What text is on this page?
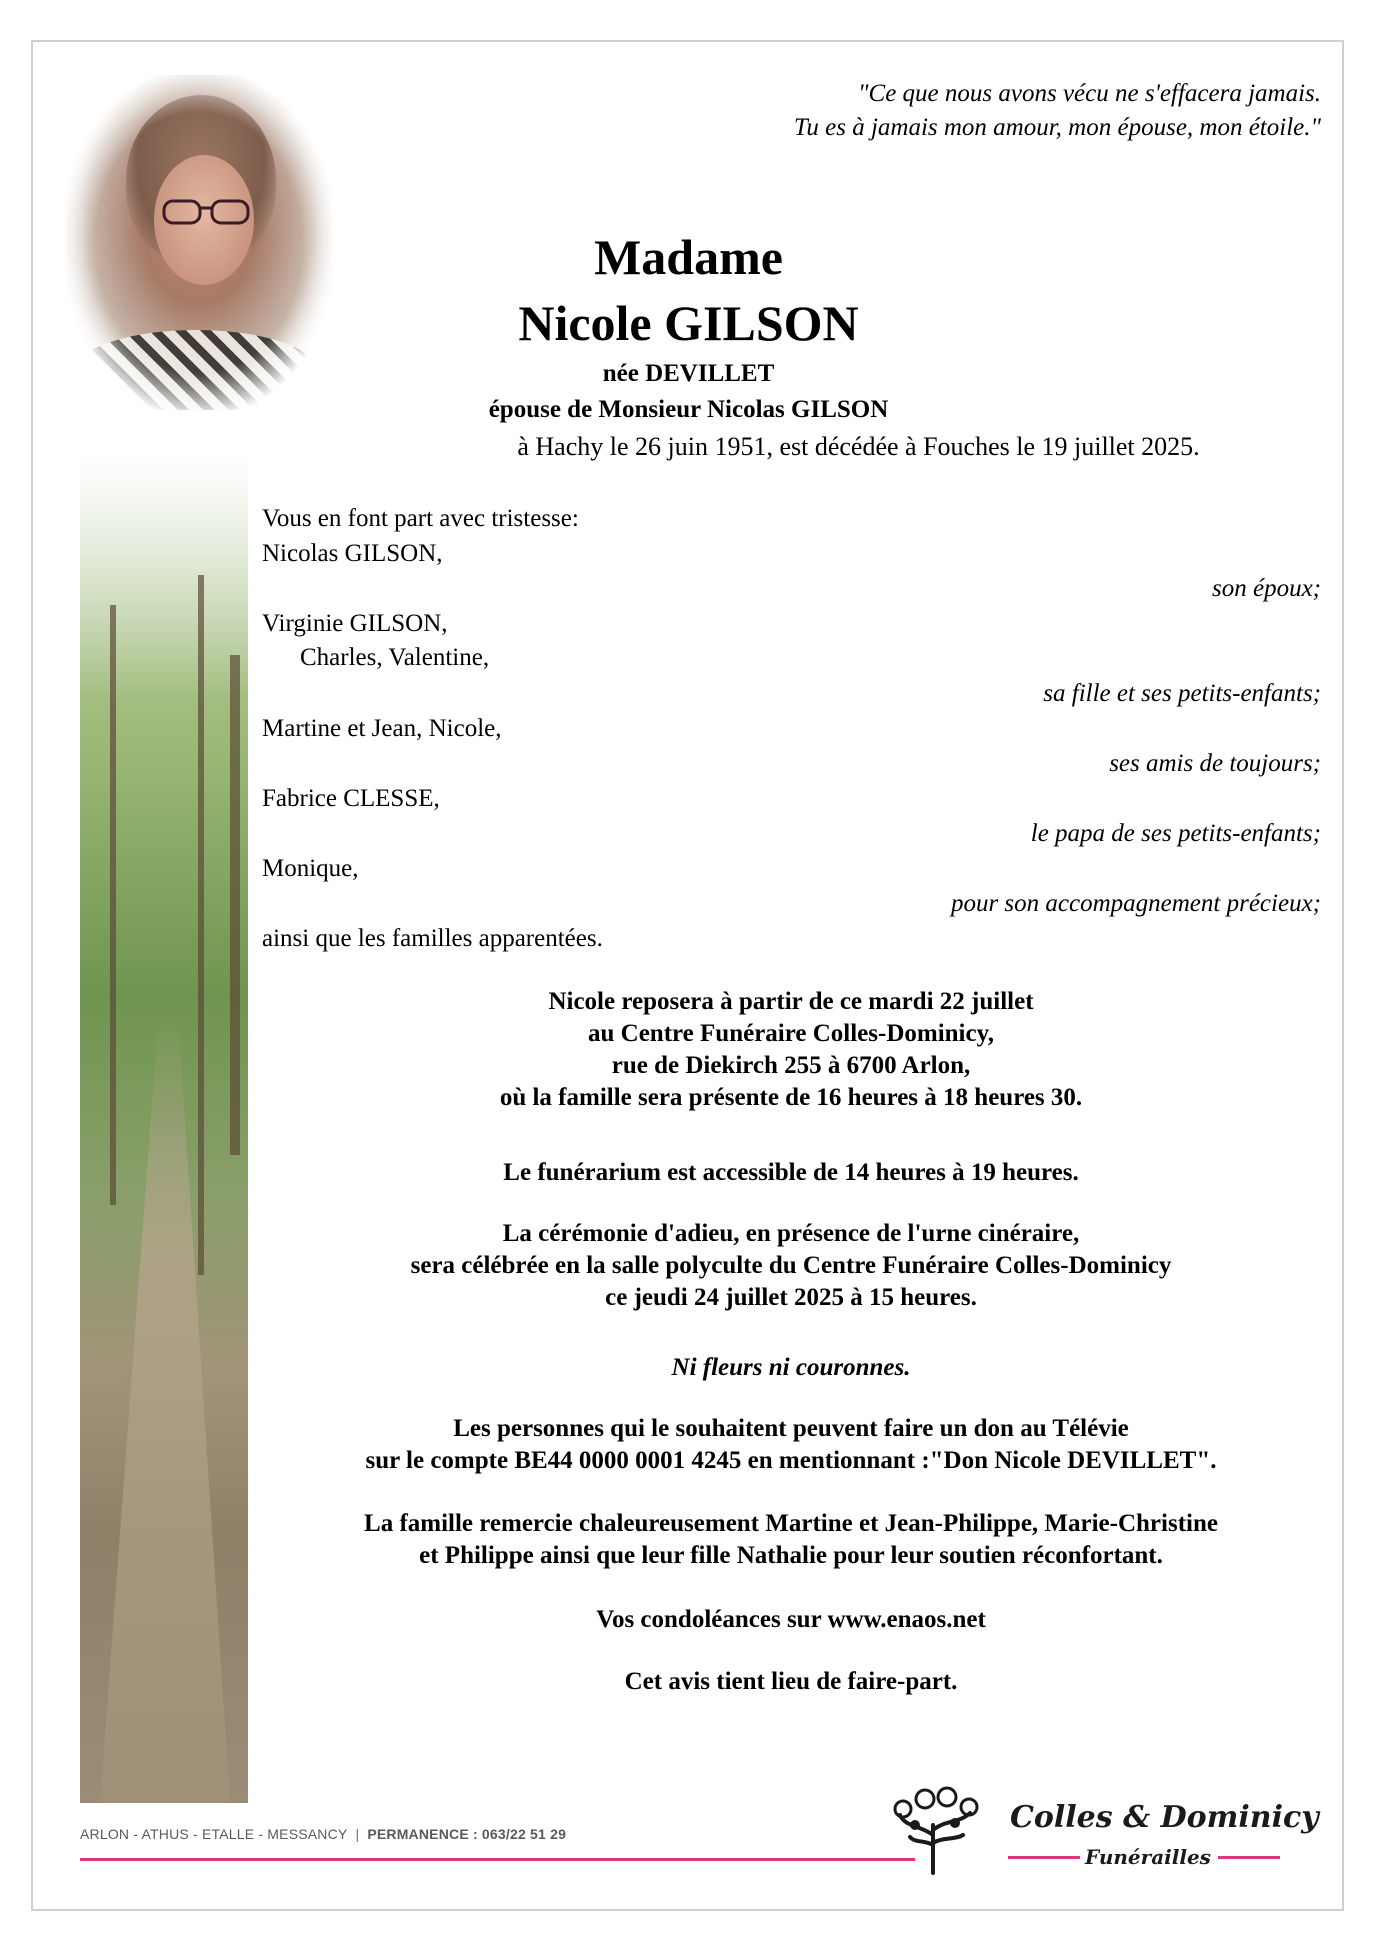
"Ce que nous avons vécu ne s'effacera jamais.
Tu es à jamais mon amour, mon épouse, mon étoile."
Madame
Nicole GILSON
née DEVILLET
épouse de Monsieur Nicolas GILSON
à Hachy le 26 juin 1951, est décédée à Fouches le 19 juillet 2025.
Vous en font part avec tristesse:
Nicolas GILSON,
son époux;
Virginie GILSON,
Charles, Valentine,
sa fille et ses petits-enfants;
Martine et Jean, Nicole,
ses amis de toujours;
Fabrice CLESSE,
le papa de ses petits-enfants;
Monique,
pour son accompagnement précieux;
ainsi que les familles apparentées.
Nicole reposera à partir de ce mardi 22 juillet
au Centre Funéraire Colles-Dominicy,
rue de Diekirch 255 à 6700 Arlon,
où la famille sera présente de 16 heures à 18 heures 30.
Le funérarium est accessible de 14 heures à 19 heures.
La cérémonie d'adieu, en présence de l'urne cinéraire,
sera célébrée en la salle polyculte du Centre Funéraire Colles-Dominicy
ce jeudi 24 juillet 2025 à 15 heures.
Ni fleurs ni couronnes.
Les personnes qui le souhaitent peuvent faire un don au Télévie
sur le compte BE44 0000 0001 4245 en mentionnant :"Don Nicole DEVILLET".
La famille remercie chaleureusement Martine et Jean-Philippe, Marie-Christine
et Philippe ainsi que leur fille Nathalie pour leur soutien réconfortant.
Vos condoléances sur www.enaos.net
Cet avis tient lieu de faire-part.
ARLON - ATHUS - ETALLE - MESSANCY | PERMANENCE : 063/22 51 29	Colles & Dominicy
Funérailles
